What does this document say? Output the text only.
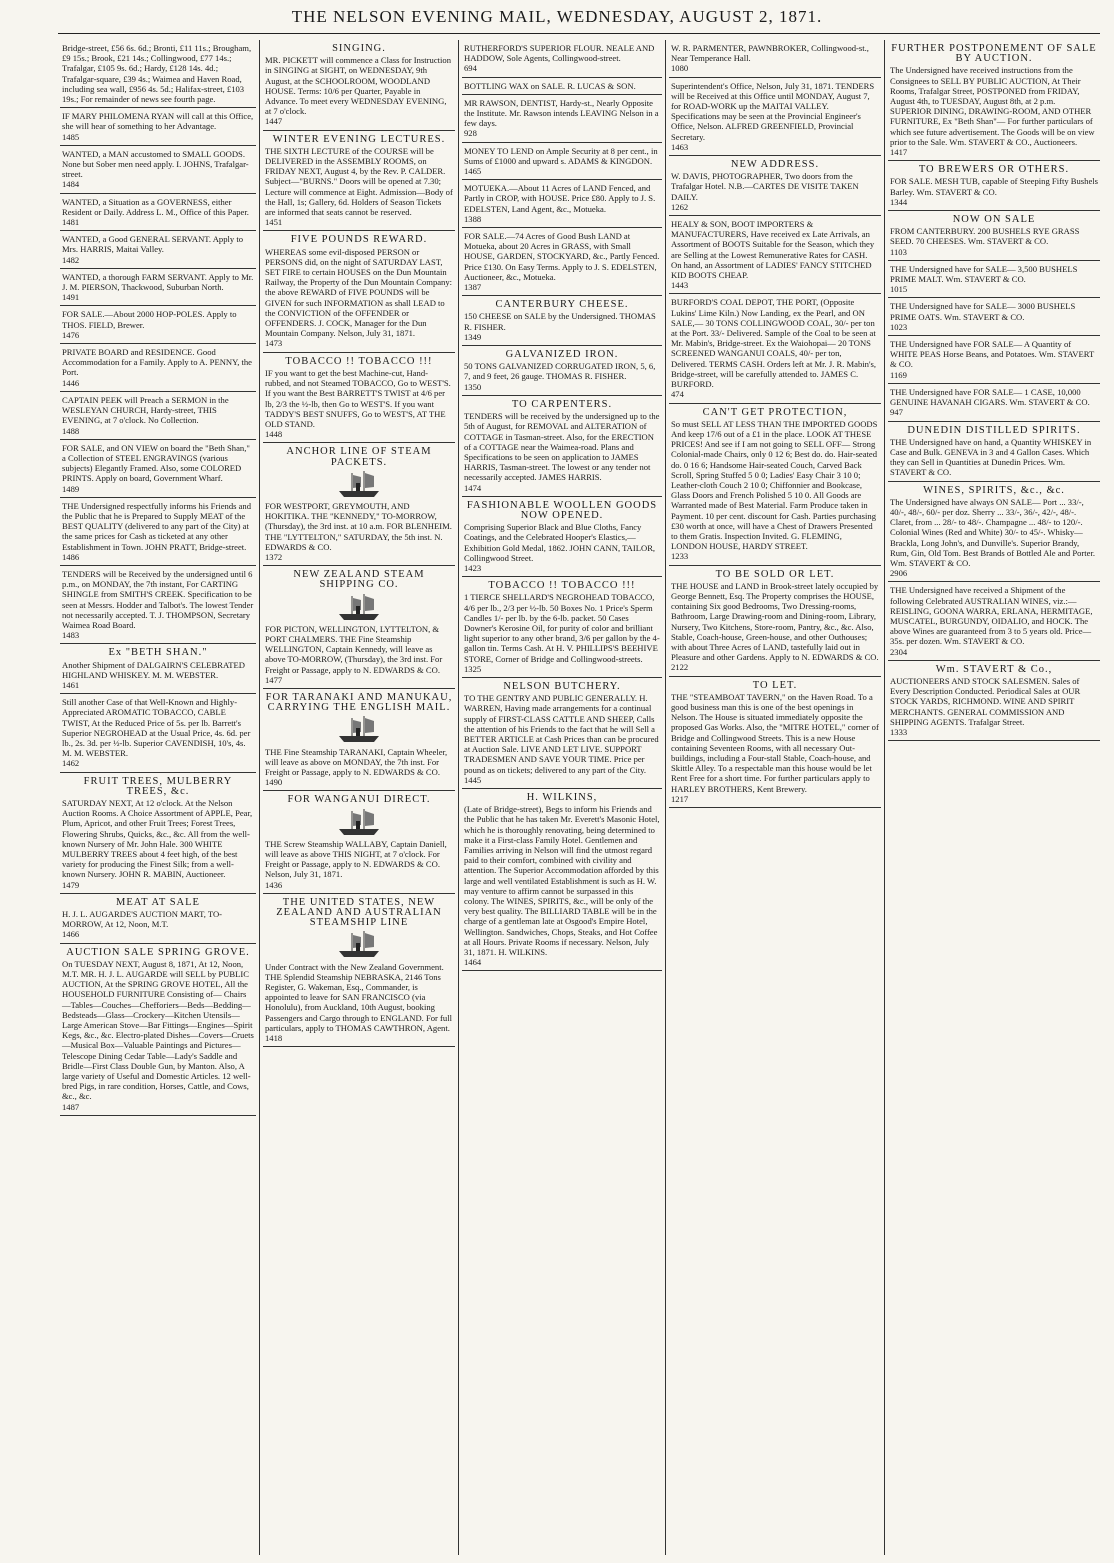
THE NELSON EVENING MAIL, WEDNESDAY, AUGUST 2, 1871.
Bridge-street, £56 6s. 6d.; Bronti, £11 11s.; Brougham, £9 15s.; Brook, £21 14s.; Collingwood, £77 14s.; Trafalgar, £105 9s. 6d.; Hardy, £128 14s. 4d.; Trafalgar-square, £39 4s.; Waimea and Haven Road, including sea wall, £956 4s. 5d.; Halifax-street, £103 19s.; For remainder of news see fourth page.
IF MARY PHILOMENA RYAN will call at this Office, she will hear of something to her Advantage.
1485
WANTED, a MAN accustomed to SMALL GOODS. None but Sober men need apply. I. JOHNS, Trafalgar-street.
1484
WANTED, a Situation as a GOVERNESS, either Resident or Daily. Address L. M., Office of this Paper.
1481
WANTED, a Good GENERAL SERVANT. Apply to Mrs. HARRIS, Maitai Valley.
1482
WANTED, a thorough FARM SERVANT. Apply to Mr. J. M. PIERSON, Thackwood, Suburban North.
1491
FOR SALE.—About 2000 HOP-POLES. Apply to THOS. FIELD, Brewer.
1476
PRIVATE BOARD and RESIDENCE. Good Accommodation for a Family. Apply to A. PENNY, the Port.
1446
CAPTAIN PEEK will Preach a SERMON in the WESLEYAN CHURCH, Hardy-street, THIS EVENING, at 7 o'clock. No Collection.
1488
FOR SALE, and ON VIEW on board the "Beth Shan," a Collection of STEEL ENGRAVINGS (various subjects) Elegantly Framed. Also, some COLORED PRINTS. Apply on board, Government Wharf.
1489
THE Undersigned respectfully informs his Friends and the Public that he is Prepared to Supply MEAT of the BEST QUALITY (delivered to any part of the City) at the same prices for Cash as ticketed at any other Establishment in Town. JOHN PRATT, Bridge-street.
1486
TENDERS will be Received by the undersigned until 6 p.m., on MONDAY, the 7th instant, For CARTING SHINGLE from SMITH'S CREEK. Specification to be seen at Messrs. Hodder and Talbot's. The lowest Tender not necessarily accepted. T. J. THOMPSON, Secretary Waimea Road Board.
1483
Ex "BETH SHAN."
Another Shipment of DALGAIRN'S CELEBRATED HIGHLAND WHISKEY. M. M. WEBSTER.
1461
Still another Case of that Well-Known and Highly-Appreciated AROMATIC TOBACCO, CABLE TWIST, At the Reduced Price of 5s. per lb. Barrett's Superior NEGROHEAD at the Usual Price, 4s. 6d. per lb., 2s. 3d. per ½-lb. Superior CAVENDISH, 10's, 4s. M. M. WEBSTER.
1462
FRUIT TREES, MULBERRY TREES, &c.
SATURDAY NEXT, At 12 o'clock. At the Nelson Auction Rooms. A Choice Assortment of APPLE, Pear, Plum, Apricot, and other Fruit Trees; Forest Trees, Flowering Shrubs, Quicks, &c., &c. All from the well-known Nursery of Mr. John Hale. 300 WHITE MULBERRY TREES about 4 feet high, of the best variety for producing the Finest Silk; from a well-known Nursery. JOHN R. MABIN, Auctioneer.
1479
MEAT AT SALE
H. J. L. AUGARDE'S AUCTION MART, TO-MORROW, At 12, Noon, M.T.
1466
AUCTION SALE SPRING GROVE.
On TUESDAY NEXT, August 8, 1871, At 12, Noon, M.T. MR. H. J. L. AUGARDE will SELL by PUBLIC AUCTION, At the SPRING GROVE HOTEL, All the HOUSEHOLD FURNITURE Consisting of— Chairs—Tables—Couches—Chefforiers—Beds—Bedding—Bedsteads—Glass—Crockery—Kitchen Utensils—Large American Stove—Bar Fittings—Engines—Spirit Kegs, &c., &c. Electro-plated Dishes—Covers—Cruets—Musical Box—Valuable Paintings and Pictures—Telescope Dining Cedar Table—Lady's Saddle and Bridle—First Class Double Gun, by Manton. Also, A large variety of Useful and Domestic Articles. 12 well-bred Pigs, in rare condition, Horses, Cattle, and Cows, &c., &c.
1487
SINGING.
MR. PICKETT will commence a Class for Instruction in SINGING at SIGHT, on WEDNESDAY, 9th August, at the SCHOOLROOM, WOODLAND HOUSE. Terms: 10/6 per Quarter, Payable in Advance. To meet every WEDNESDAY EVENING, at 7 o'clock.
1447
WINTER EVENING LECTURES.
THE SIXTH LECTURE of the COURSE will be DELIVERED in the ASSEMBLY ROOMS, on FRIDAY NEXT, August 4, by the Rev. P. CALDER. Subject—"BURNS." Doors will be opened at 7.30; Lecture will commence at Eight. Admission—Body of the Hall, 1s; Gallery, 6d. Holders of Season Tickets are informed that seats cannot be reserved.
1451
FIVE POUNDS REWARD.
WHEREAS some evil-disposed PERSON or PERSONS did, on the night of SATURDAY LAST, SET FIRE to certain HOUSES on the Dun Mountain Railway, the Property of the Dun Mountain Company: the above REWARD of FIVE POUNDS will be GIVEN for such INFORMATION as shall LEAD to the CONVICTION of the OFFENDER or OFFENDERS. J. COCK, Manager for the Dun Mountain Company. Nelson, July 31, 1871.
1473
TOBACCO !! TOBACCO !!!
IF you want to get the best Machine-cut, Hand-rubbed, and not Steamed TOBACCO, Go to WEST'S. If you want the Best BARRETT'S TWIST at 4/6 per lb, 2/3 the ½-lb, then Go to WEST'S. If you want TADDY'S BEST SNUFFS, Go to WEST'S, AT THE OLD STAND.
1448
ANCHOR LINE OF STEAM PACKETS.
FOR WESTPORT, GREYMOUTH, AND HOKITIKA. THE "KENNEDY," TO-MORROW, (Thursday), the 3rd inst. at 10 a.m. FOR BLENHEIM. THE "LYTTELTON," SATURDAY, the 5th inst. N. EDWARDS & CO.
1372
NEW ZEALAND STEAM SHIPPING CO.
FOR PICTON, WELLINGTON, LYTTELTON, & PORT CHALMERS. THE Fine Steamship WELLINGTON, Captain Kennedy, will leave as above TO-MORROW, (Thursday), the 3rd inst. For Freight or Passage, apply to N. EDWARDS & CO.
1477
FOR TARANAKI AND MANUKAU, CARRYING THE ENGLISH MAIL.
THE Fine Steamship TARANAKI, Captain Wheeler, will leave as above on MONDAY, the 7th inst. For Freight or Passage, apply to N. EDWARDS & CO.
1490
FOR WANGANUI DIRECT.
THE Screw Steamship WALLABY, Captain Daniell, will leave as above THIS NIGHT, at 7 o'clock. For Freight or Passage, apply to N. EDWARDS & CO. Nelson, July 31, 1871.
1436
THE UNITED STATES, NEW ZEALAND AND AUSTRALIAN STEAMSHIP LINE
Under Contract with the New Zealand Government. THE Splendid Steamship NEBRASKA, 2146 Tons Register, G. Wakeman, Esq., Commander, is appointed to leave for SAN FRANCISCO (via Honolulu), from Auckland, 10th August, booking Passengers and Cargo through to ENGLAND. For full particulars, apply to THOMAS CAWTHRON, Agent.
1418
RUTHERFORD'S SUPERIOR FLOUR. NEALE AND HADDOW, Sole Agents, Collingwood-street.
694
BOTTLING WAX on SALE. R. LUCAS & SON.
MR RAWSON, DENTIST, Hardy-st., Nearly Opposite the Institute. Mr. Rawson intends LEAVING Nelson in a few days.
928
MONEY TO LEND on Ample Security at 8 per cent., in Sums of £1000 and upward s. ADAMS & KINGDON.
1465
MOTUEKA.—About 11 Acres of LAND Fenced, and Partly in CROP, with HOUSE. Price £80. Apply to J. S. EDELSTEN, Land Agent, &c., Motueka.
1388
FOR SALE.—74 Acres of Good Bush LAND at Motueka, about 20 Acres in GRASS, with Small HOUSE, GARDEN, STOCKYARD, &c., Partly Fenced. Price £130. On Easy Terms. Apply to J. S. EDELSTEN, Auctioneer, &c., Motueka.
1387
CANTERBURY CHEESE.
150 CHEESE on SALE by the Undersigned. THOMAS R. FISHER.
1349
GALVANIZED IRON.
50 TONS GALVANIZED CORRUGATED IRON, 5, 6, 7, and 9 feet, 26 gauge. THOMAS R. FISHER.
1350
TO CARPENTERS.
TENDERS will be received by the undersigned up to the 5th of August, for REMOVAL and ALTERATION of COTTAGE in Tasman-street. Also, for the ERECTION of a COTTAGE near the Waimea-road. Plans and Specifications to be seen on application to JAMES HARRIS, Tasman-street. The lowest or any tender not necessarily accepted. JAMES HARRIS.
1474
FASHIONABLE WOOLLEN GOODS NOW OPENED.
Comprising Superior Black and Blue Cloths, Fancy Coatings, and the Celebrated Hooper's Elastics,—Exhibition Gold Medal, 1862. JOHN CANN, TAILOR, Collingwood Street.
1423
TOBACCO !! TOBACCO !!!
1 TIERCE SHELLARD'S NEGROHEAD TOBACCO, 4/6 per lb., 2/3 per ½-lb. 50 Boxes No. 1 Price's Sperm Candles 1/- per lb. by the 6-lb. packet. 50 Cases Downer's Kerosine Oil, for purity of color and brilliant light superior to any other brand, 3/6 per gallon by the 4-gallon tin. Terms Cash. At H. V. PHILLIPS'S BEEHIVE STORE, Corner of Bridge and Collingwood-streets.
1325
NELSON BUTCHERY.
TO THE GENTRY AND PUBLIC GENERALLY. H. WARREN, Having made arrangements for a continual supply of FIRST-CLASS CATTLE AND SHEEP, Calls the attention of his Friends to the fact that he will Sell a BETTER ARTICLE at Cash Prices than can be procured at Auction Sale. LIVE AND LET LIVE. SUPPORT TRADESMEN AND SAVE YOUR TIME. Price per pound as on tickets; delivered to any part of the City.
1445
H. WILKINS,
(Late of Bridge-street), Begs to inform his Friends and the Public that he has taken Mr. Everett's Masonic Hotel, which he is thoroughly renovating, being determined to make it a First-class Family Hotel. Gentlemen and Families arriving in Nelson will find the utmost regard paid to their comfort, combined with civility and attention. The Superior Accommodation afforded by this large and well ventilated Establishment is such as H. W. may venture to affirm cannot be surpassed in this colony. The WINES, SPIRITS, &c., will be only of the very best quality. The BILLIARD TABLE will be in the charge of a gentleman late at Osgood's Empire Hotel, Wellington. Sandwiches, Chops, Steaks, and Hot Coffee at all Hours. Private Rooms if necessary. Nelson, July 31, 1871. H. WILKINS.
1464
W. R. PARMENTER, PAWNBROKER, Collingwood-st., Near Temperance Hall.
1080
Superintendent's Office, Nelson, July 31, 1871. TENDERS will be Received at this Office until MONDAY, August 7, for ROAD-WORK up the MAITAI VALLEY. Specifications may be seen at the Provincial Engineer's Office, Nelson. ALFRED GREENFIELD, Provincial Secretary.
1463
NEW ADDRESS.
W. DAVIS, PHOTOGRAPHER, Two doors from the Trafalgar Hotel. N.B.—CARTES DE VISITE TAKEN DAILY.
1262
HEALY & SON, BOOT IMPORTERS & MANUFACTURERS, Have received ex Late Arrivals, an Assortment of BOOTS Suitable for the Season, which they are Selling at the Lowest Remunerative Rates for CASH. On hand, an Assortment of LADIES' FANCY STITCHED KID BOOTS CHEAP.
1443
BURFORD'S COAL DEPOT, THE PORT, (Opposite Lukins' Lime Kiln.) Now Landing, ex the Pearl, and ON SALE,— 30 TONS COLLINGWOOD COAL, 30/- per ton at the Port. 33/- Delivered. Sample of the Coal to be seen at Mr. Mabin's, Bridge-street. Ex the Waiohopai— 20 TONS SCREENED WANGANUI COALS, 40/- per ton, Delivered. TERMS CASH. Orders left at Mr. J. R. Mabin's, Bridge-street, will be carefully attended to. JAMES C. BURFORD.
474
CAN'T GET PROTECTION,
So must SELL AT LESS THAN THE IMPORTED GOODS And keep 17/6 out of a £1 in the place. LOOK AT THESE PRICES! And see if I am not going to SELL OFF— Strong Colonial-made Chairs, only 0 12 6; Best do. do. Hair-seated do. 0 16 6; Handsome Hair-seated Couch, Carved Back Scroll, Spring Stuffed 5 0 0; Ladies' Easy Chair 3 10 0; Leather-cloth Couch 2 10 0; Chiffonnier and Bookcase, Glass Doors and French Polished 5 10 0. All Goods are Warranted made of Best Material. Farm Produce taken in Payment. 10 per cent. discount for Cash. Parties purchasing £30 worth at once, will have a Chest of Drawers Presented to them Gratis. Inspection Invited. G. FLEMING, LONDON HOUSE, HARDY STREET.
1233
TO BE SOLD OR LET.
THE HOUSE and LAND in Brook-street lately occupied by George Bennett, Esq. The Property comprises the HOUSE, containing Six good Bedrooms, Two Dressing-rooms, Bathroom, Large Drawing-room and Dining-room, Library, Nursery, Two Kitchens, Store-room, Pantry, &c., &c. Also, Stable, Coach-house, Green-house, and other Outhouses; with about Three Acres of LAND, tastefully laid out in Pleasure and other Gardens. Apply to N. EDWARDS & CO.
2122
TO LET.
THE "STEAMBOAT TAVERN," on the Haven Road. To a good business man this is one of the best openings in Nelson. The House is situated immediately opposite the proposed Gas Works. Also, the "MITRE HOTEL," corner of Bridge and Collingwood Streets. This is a new House containing Seventeen Rooms, with all necessary Out-buildings, including a Four-stall Stable, Coach-house, and Skittle Alley. To a respectable man this house would be let Rent Free for a short time. For further particulars apply to HARLEY BROTHERS, Kent Brewery.
1217
FURTHER POSTPONEMENT OF SALE BY AUCTION.
The Undersigned have received instructions from the Consignees to SELL BY PUBLIC AUCTION, At Their Rooms, Trafalgar Street, POSTPONED from FRIDAY, August 4th, to TUESDAY, August 8th, at 2 p.m. SUPERIOR DINING, DRAWING-ROOM, AND OTHER FURNITURE, Ex "Beth Shan"— For further particulars of which see future advertisement. The Goods will be on view prior to the Sale. Wm. STAVERT & CO., Auctioneers.
1417
TO BREWERS OR OTHERS.
FOR SALE. MESH TUB, capable of Steeping Fifty Bushels Barley. Wm. STAVERT & CO.
1344
NOW ON SALE
FROM CANTERBURY. 200 BUSHELS RYE GRASS SEED. 70 CHEESES. Wm. STAVERT & CO.
1103
THE Undersigned have for SALE— 3,500 BUSHELS PRIME MALT. Wm. STAVERT & CO.
1015
THE Undersigned have for SALE— 3000 BUSHELS PRIME OATS. Wm. STAVERT & CO.
1023
THE Undersigned have FOR SALE— A Quantity of WHITE PEAS Horse Beans, and Potatoes. Wm. STAVERT & CO.
1169
THE Undersigned have FOR SALE— 1 CASE, 10,000 GENUINE HAVANAH CIGARS. Wm. STAVERT & CO.
947
DUNEDIN DISTILLED SPIRITS.
THE Undersigned have on hand, a Quantity WHISKEY in Case and Bulk. GENEVA in 3 and 4 Gallon Cases. Which they can Sell in Quantities at Dunedin Prices. Wm. STAVERT & CO.
WINES, SPIRITS, &c., &c.
The Undersigned have always ON SALE— Port ... 33/-, 40/-, 48/-, 60/- per doz. Sherry ... 33/-, 36/-, 42/-, 48/-. Claret, from ... 28/- to 48/-. Champagne ... 48/- to 120/-. Colonial Wines (Red and White) 30/- to 45/-. Whisky—Brackla, Long John's, and Dunville's. Superior Brandy, Rum, Gin, Old Tom. Best Brands of Bottled Ale and Porter. Wm. STAVERT & CO.
2906
THE Undersigned have received a Shipment of the following Celebrated AUSTRALIAN WINES, viz.:— REISLING, GOONA WARRA, ERLANA, HERMITAGE, MUSCATEL, BURGUNDY, OIDALIO, and HOCK. The above Wines are guaranteed from 3 to 5 years old. Price—35s. per dozen. Wm. STAVERT & CO.
2304
Wm. STAVERT & Co.,
AUCTIONEERS AND STOCK SALESMEN. Sales of Every Description Conducted. Periodical Sales at OUR STOCK YARDS, RICHMOND. WINE AND SPIRIT MERCHANTS. GENERAL COMMISSION AND SHIPPING AGENTS. Trafalgar Street.
1333
